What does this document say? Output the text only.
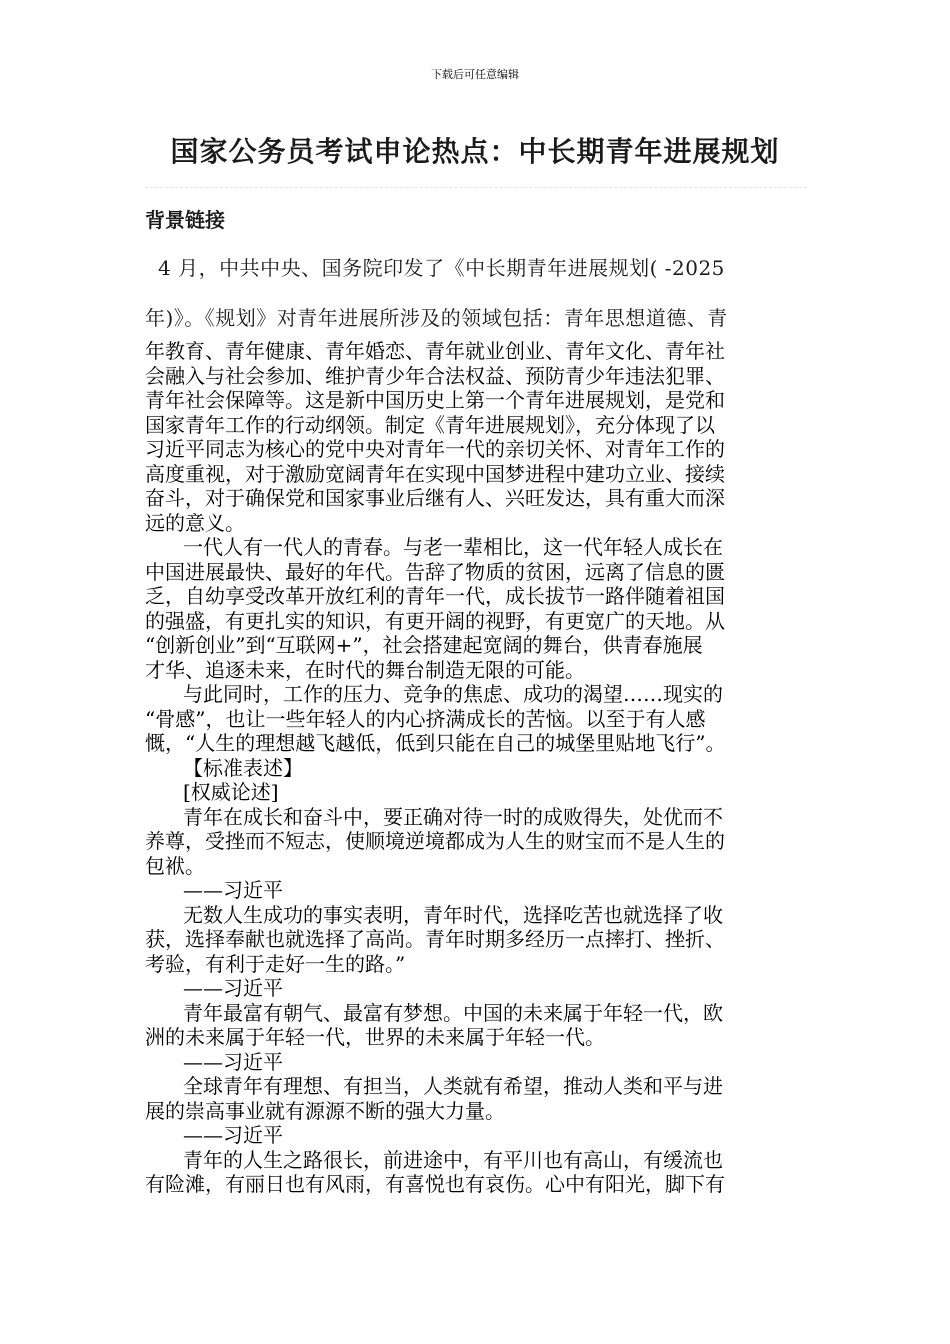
下载后可任意编辑
国家公务员考试申论热点：中长期青年进展规划
背景链接
4 月，中共中央、国务院印发了《中长期青年进展规划( -2025
年)》。《规划》对青年进展所涉及的领域包括：青年思想道德、青

年教育、青年健康、青年婚恋、青年就业创业、青年文化、青年社
会融入与社会参加、维护青少年合法权益、预防青少年违法犯罪、
青年社会保障等。这是新中国历史上第一个青年进展规划，是党和
国家青年工作的行动纲领。制定《青年进展规划》，充分体现了以
习近平同志为核心的党中央对青年一代的亲切关怀、对青年工作的
高度重视，对于激励宽阔青年在实现中国梦进程中建功立业、接续
奋斗，对于确保党和国家事业后继有人、兴旺发达，具有重大而深
远的意义。

一代人有一代人的青春。与老一辈相比，这一代年轻人成长在
中国进展最快、最好的年代。告辞了物质的贫困，远离了信息的匮
乏，自幼享受改革开放红利的青年一代，成长拔节一路伴随着祖国
的强盛，有更扎实的知识，有更开阔的视野，有更宽广的天地。从
“创新创业”到“互联网+”，社会搭建起宽阔的舞台，供青春施展
才华、追逐未来，在时代的舞台制造无限的可能。

与此同时，工作的压力、竞争的焦虑、成功的渴望……现实的
“骨感”，也让一些年轻人的内心挤满成长的苦恼。以至于有人感
慨，“人生的理想越飞越低，低到只能在自己的城堡里贴地飞行”。

【标准表述】

[权威论述]

青年在成长和奋斗中，要正确对待一时的成败得失，处优而不
养尊，受挫而不短志，使顺境逆境都成为人生的财宝而不是人生的
包袱。

——习近平

无数人生成功的事实表明，青年时代，选择吃苦也就选择了收
获，选择奉献也就选择了高尚。青年时期多经历一点摔打、挫折、
考验，有利于走好一生的路。”

——习近平

青年最富有朝气、最富有梦想。中国的未来属于年轻一代，欧
洲的未来属于年轻一代，世界的未来属于年轻一代。

——习近平

全球青年有理想、有担当，人类就有希望，推动人类和平与进
展的崇高事业就有源源不断的强大力量。

——习近平

青年的人生之路很长，前进途中，有平川也有高山，有缓流也
有险滩，有丽日也有风雨，有喜悦也有哀伤。心中有阳光，脚下有
